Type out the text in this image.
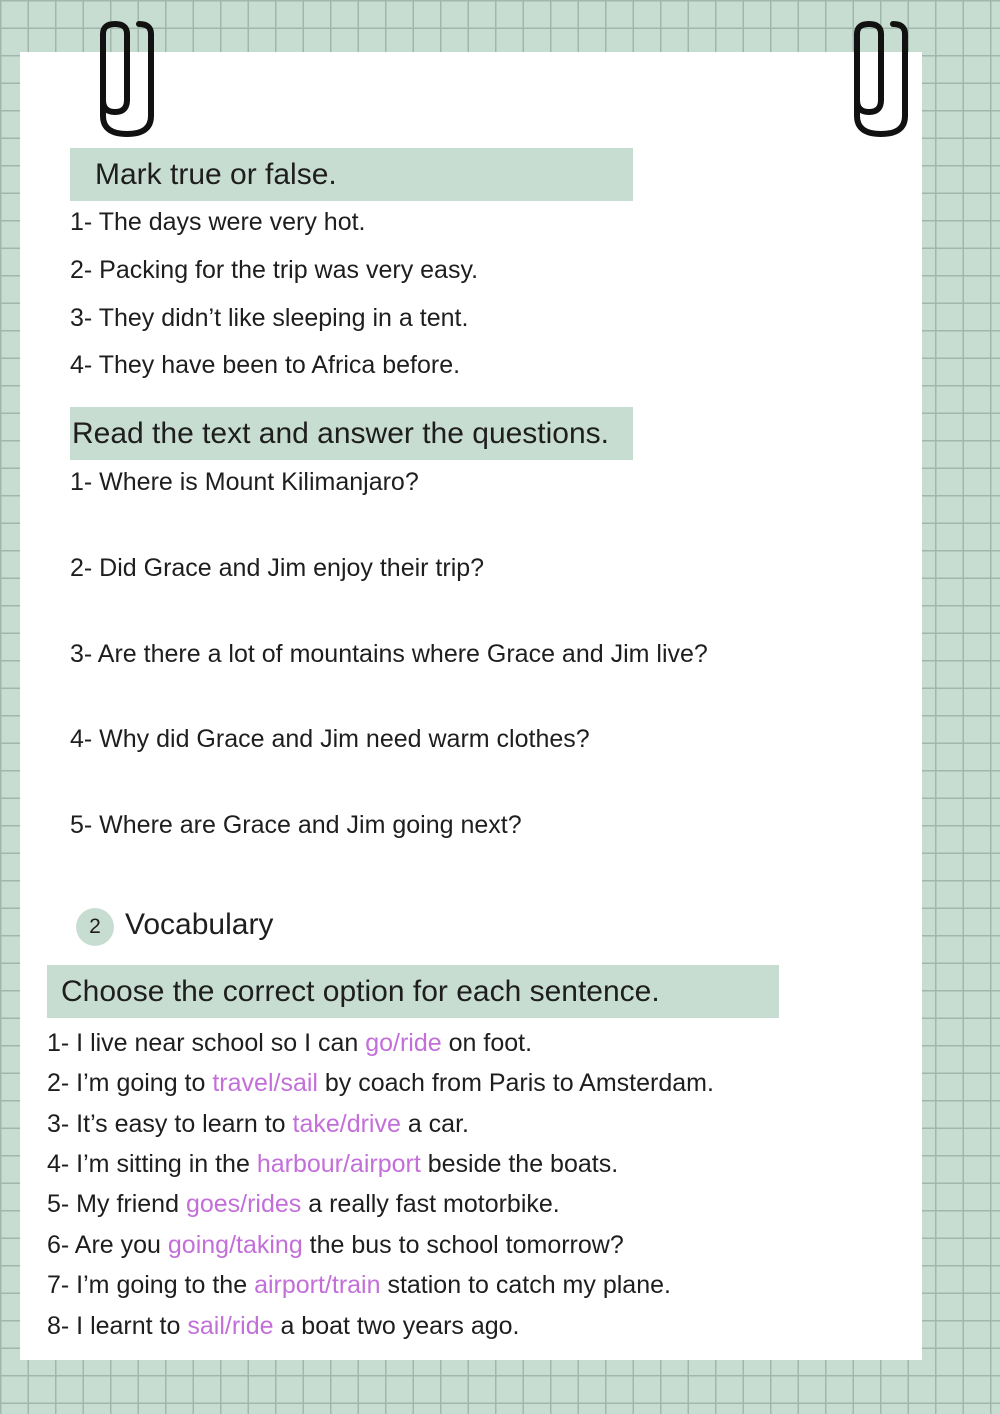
Mark true or false.
1- The days were very hot.
2- Packing for the trip was very easy.
3- They didn’t like sleeping in a tent.
4- They have been to Africa before.
Read the text and answer the questions.
1- Where is Mount Kilimanjaro?
2- Did Grace and Jim enjoy their trip?
3- Are there a lot of mountains where Grace and Jim live?
4- Why did Grace and Jim need warm clothes?
5- Where are Grace and Jim going next?
2 Vocabulary
Choose the correct option for each sentence.
1- I live near school so I can go/ride on foot.
2- I’m going to travel/sail by coach from Paris to Amsterdam.
3- It’s easy to learn to take/drive a car.
4- I’m sitting in the harbour/airport beside the boats.
5- My friend goes/rides a really fast motorbike.
6- Are you going/taking the bus to school tomorrow?
7- I’m going to the airport/train station to catch my plane.
8- I learnt to sail/ride a boat two years ago.
